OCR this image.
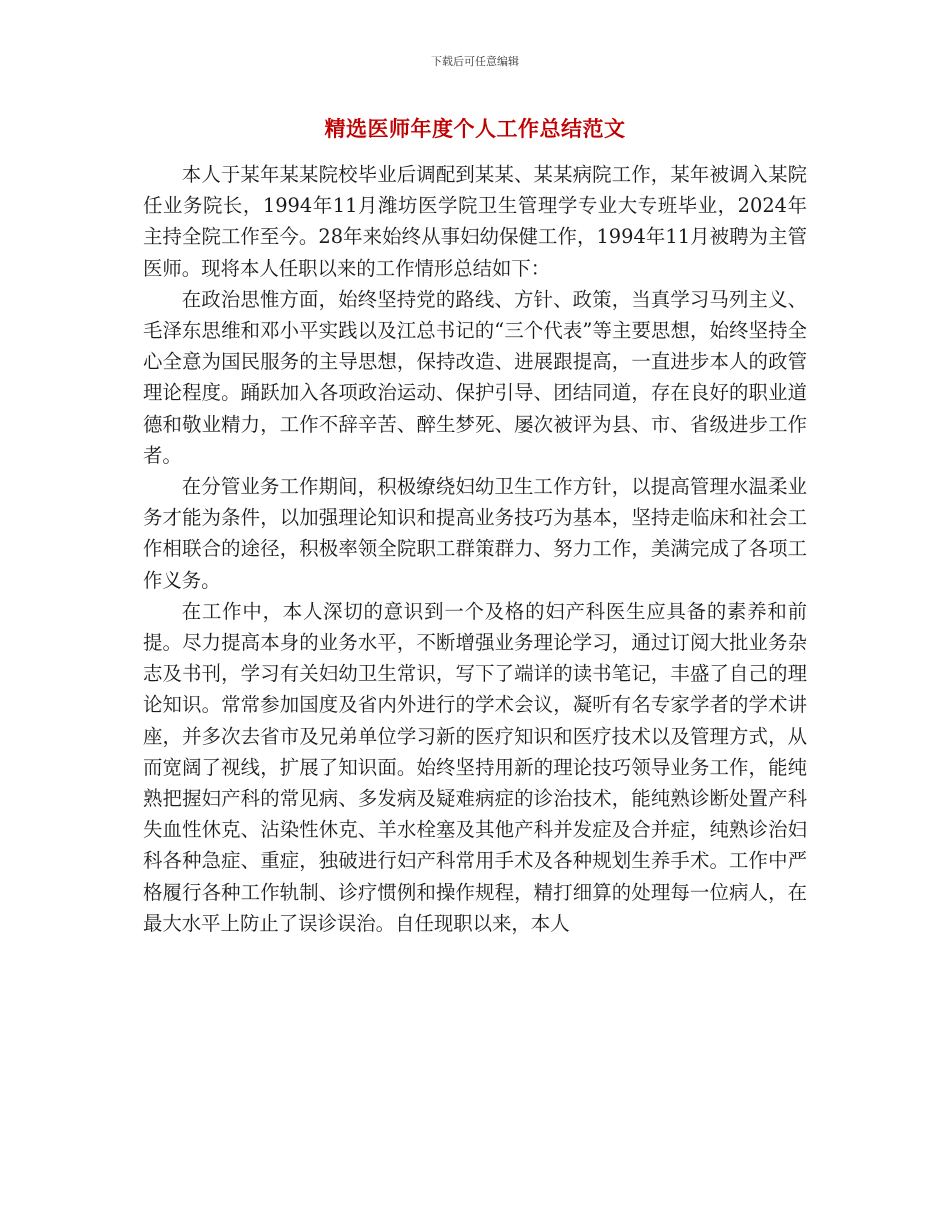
下载后可任意编辑
精选医师年度个人工作总结范文

本人于某年某某院校毕业后调配到某某、某某病院工作，某年被调入某院任业务院长，1994年11月潍坊医学院卫生管理学专业大专班毕业，2024年主持全院工作至今。28年来始终从事妇幼保健工作，1994年11月被聘为主管医师。现将本人任职以来的工作情形总结如下：

在政治思惟方面，始终坚持党的路线、方针、政策，当真学习马列主义、毛泽东思维和邓小平实践以及江总书记的“三个代表”等主要思想，始终坚持全心全意为国民服务的主导思想，保持改造、进展跟提高，一直进步本人的政管理论程度。踊跃加入各项政治运动、保护引导、团结同道，存在良好的职业道德和敬业精力，工作不辞辛苦、醉生梦死、屡次被评为县、市、省级进步工作者。

在分管业务工作期间，积极缭绕妇幼卫生工作方针，以提高管理水温柔业务才能为条件，以加强理论知识和提高业务技巧为基本，坚持走临床和社会工作相联合的途径，积极率领全院职工群策群力、努力工作，美满完成了各项工作义务。

在工作中，本人深切的意识到一个及格的妇产科医生应具备的素养和前提。尽力提高本身的业务水平，不断增强业务理论学习，通过订阅大批业务杂志及书刊，学习有关妇幼卫生常识，写下了端详的读书笔记，丰盛了自己的理论知识。常常参加国度及省内外进行的学术会议，凝听有名专家学者的学术讲座，并多次去省市及兄弟单位学习新的医疗知识和医疗技术以及管理方式，从而宽阔了视线，扩展了知识面。始终坚持用新的理论技巧领导业务工作，能纯熟把握妇产科的常见病、多发病及疑难病症的诊治技术，能纯熟诊断处置产科失血性休克、沾染性休克、羊水栓塞及其他产科并发症及合并症，纯熟诊治妇科各种急症、重症，独破进行妇产科常用手术及各种规划生养手术。工作中严格履行各种工作轨制、诊疗惯例和操作规程，精打细算的处理每一位病人，在最大水平上防止了误诊误治。自任现职以来，本人
